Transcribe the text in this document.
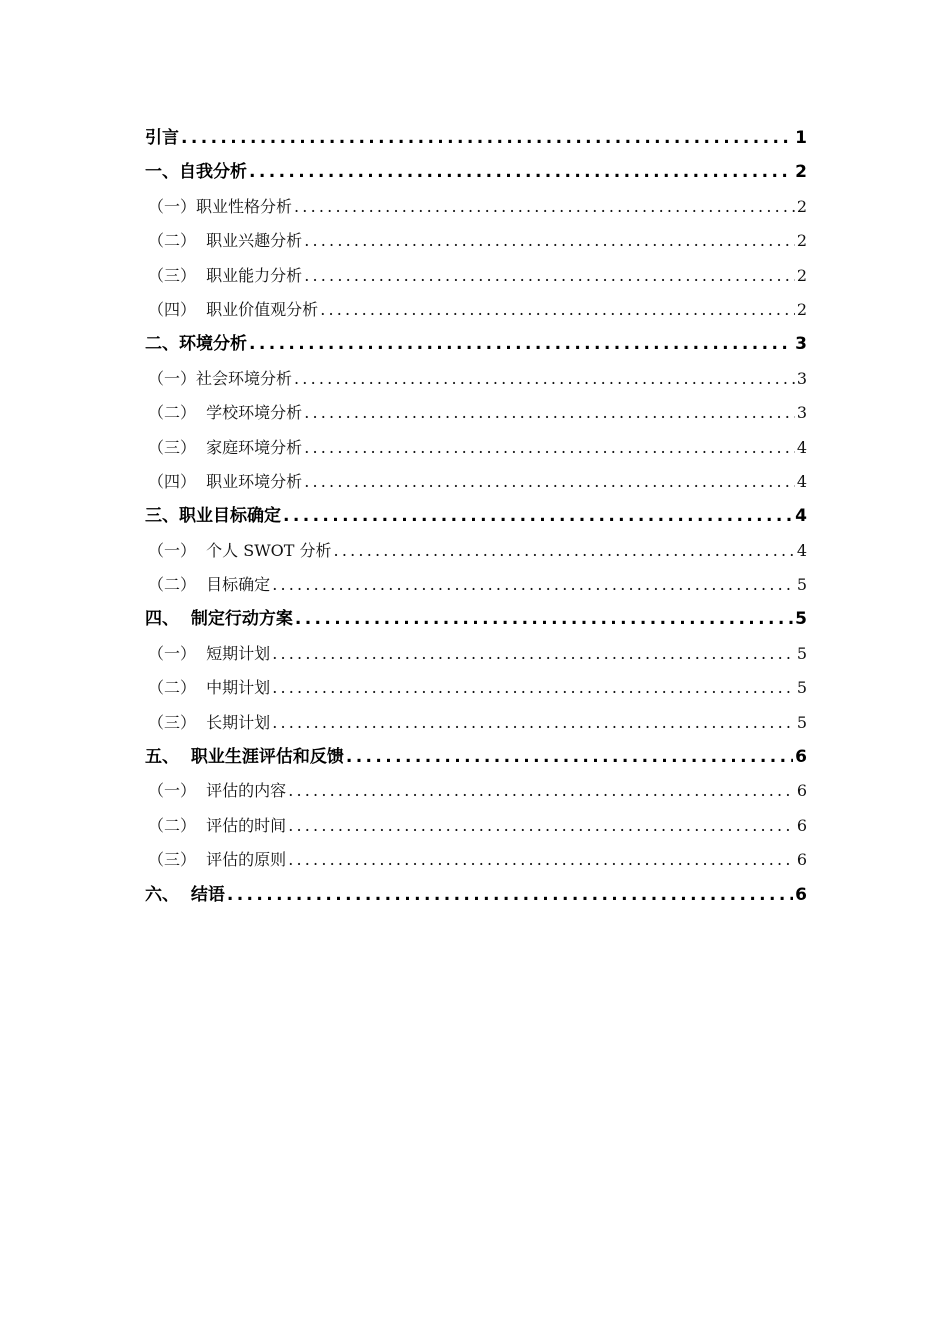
引言 .....	1
一、自我分析 .....	2
（一）职业性格分析 .....	2
（二）  职业兴趣分析 .....	2
（三）  职业能力分析 .....	2
（四）  职业价值观分析 .....	2
二、环境分析 .....	3
（一）社会环境分析 .....	3
（二）  学校环境分析 .....	3
（三）  家庭环境分析 .....	4
（四）  职业环境分析 .....	4
三、职业目标确定 .....	4
（一）  个人 SWOT 分析 .....	4
（二）  目标确定 .....	5
四、  制定行动方案 .....	5
（一）  短期计划 .....	5
（二）  中期计划 .....	5
（三）  长期计划 .....	5
五、  职业生涯评估和反馈 .....	6
（一）  评估的内容 .....	6
（二）  评估的时间 .....	6
（三）  评估的原则 .....	6
六、  结语 .....	6
